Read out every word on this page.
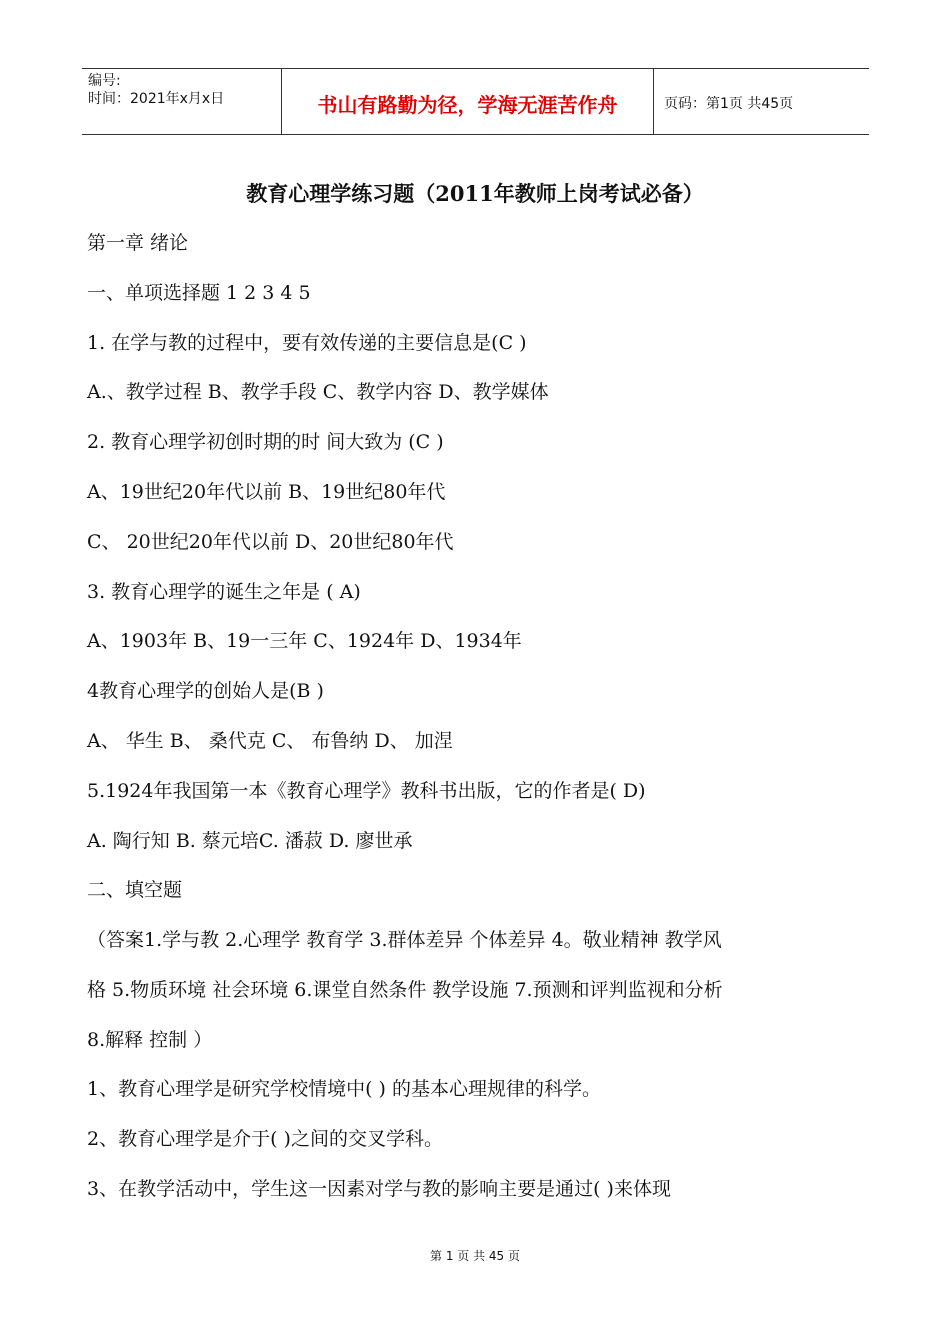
编号:
时间：2021年x月x日	书山有路勤为径，学海无涯苦作舟	页码：第1页 共45页
教育心理学练习题（2011年教师上岗考试必备）
第一章 绪论
一、单项选择题 1 2 3 4 5
1. 在学与教的过程中，要有效传递的主要信息是(C )
A.、教学过程 B、教学手段 C、教学内容 D、教学媒体
2. 教育心理学初创时期的时 间大致为 (C )
A、19世纪20年代以前 B、19世纪80年代
C、 20世纪20年代以前 D、20世纪80年代
3. 教育心理学的诞生之年是 ( A)
A、1903年 B、19一三年 C、1924年 D、1934年
4教育心理学的创始人是(B )
A、 华生 B、 桑代克 C、 布鲁纳 D、 加涅
5.1924年我国第一本《教育心理学》教科书出版，它的作者是( D)
A. 陶行知 B. 蔡元培C. 潘菽 D. 廖世承
二、填空题
（答案1.学与教 2.心理学 教育学 3.群体差异 个体差异 4。敬业精神 教学风
格 5.物质环境 社会环境 6.课堂自然条件 教学设施 7.预测和评判监视和分析
8.解释 控制 ）
1、教育心理学是研究学校情境中( ) 的基本心理规律的科学。
2、教育心理学是介于( )之间的交叉学科。
3、在教学活动中，学生这一因素对学与教的影响主要是通过( )来体现
第 1 页 共 45 页
